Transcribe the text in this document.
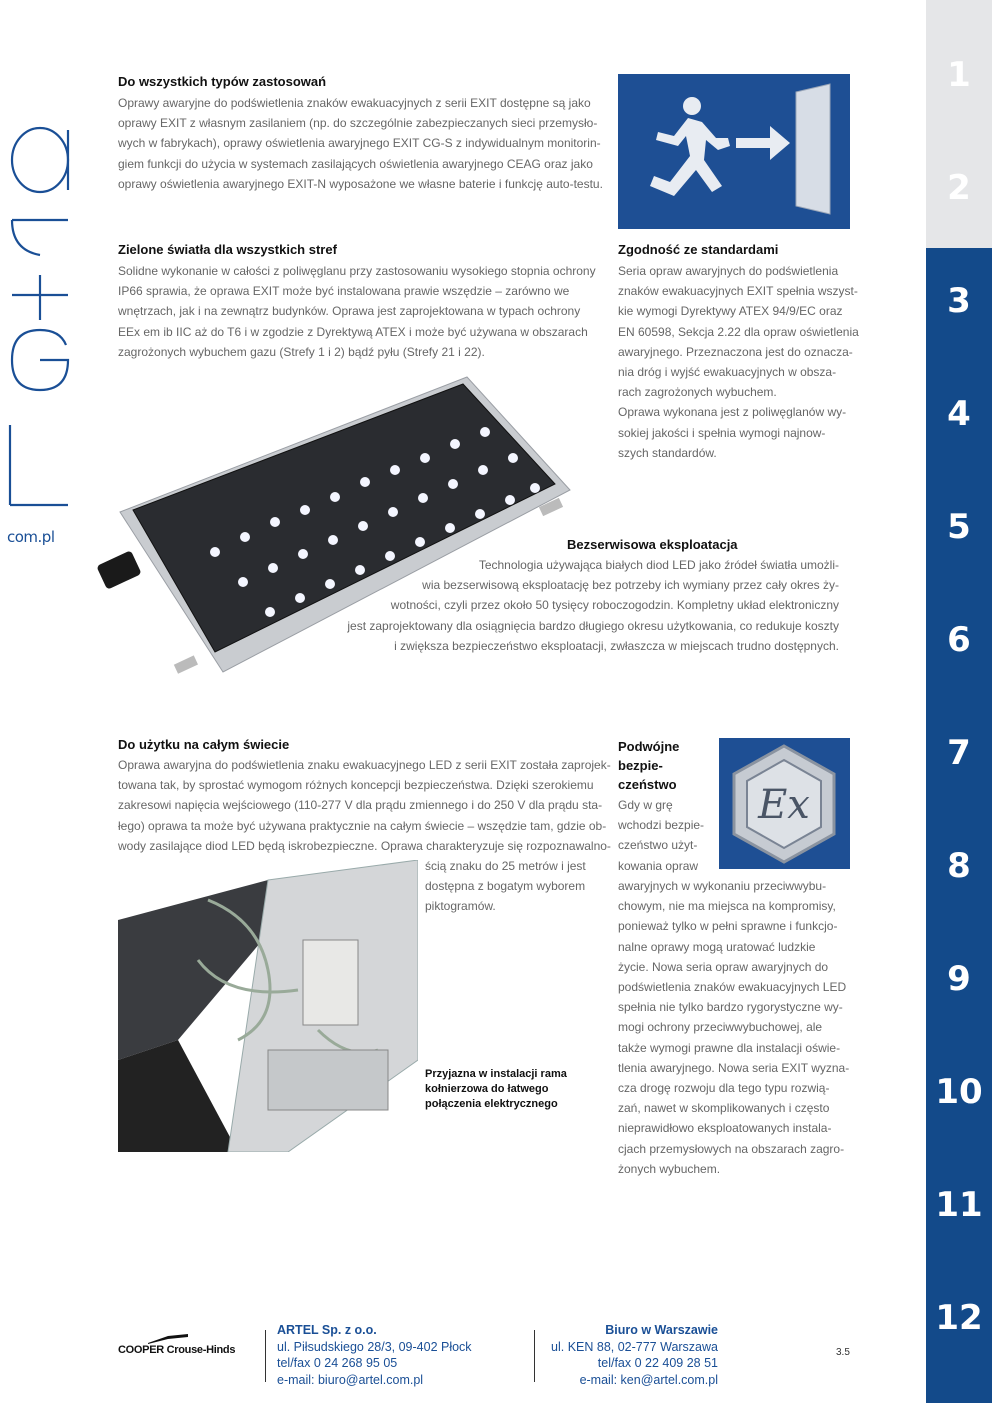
1
2
3
4
5
6
7
8
9
10
11
12
com.pl
Do wszystkich typów zastosowań
Oprawy awaryjne do podświetlenia znaków ewakuacyjnych z serii EXIT dostępne są jako
oprawy EXIT z własnym zasilaniem (np. do szczególnie zabezpieczanych sieci przemysło-
wych w fabrykach), oprawy oświetlenia awaryjnego EXIT CG-S z indywidualnym monitorin-
giem funkcji do użycia w systemach zasilających oświetlenia awaryjnego CEAG oraz jako
oprawy oświetlenia awaryjnego EXIT-N wyposażone we własne baterie i funkcję auto-testu.
Zielone światła dla wszystkich stref
Solidne wykonanie w całości z poliwęglanu przy zastosowaniu wysokiego stopnia ochrony
IP66 sprawia, że oprawa EXIT może być instalowana prawie wszędzie – zarówno we
wnętrzach, jak i na zewnątrz budynków. Oprawa jest zaprojektowana w typach ochrony
EEx em ib IIC aż do T6 i w zgodzie z Dyrektywą ATEX i może być używana w obszarach
zagrożonych wybuchem gazu (Strefy 1 i 2) bądź pyłu (Strefy 21 i 22).
Zgodność ze standardami
Seria opraw awaryjnych do podświetlenia
znaków ewakuacyjnych EXIT spełnia wszyst-
kie wymogi Dyrektywy ATEX 94/9/EC oraz
EN 60598, Sekcja 2.22 dla opraw oświetlenia
awaryjnego. Przeznaczona jest do oznacza-
nia dróg i wyjść ewakuacyjnych w obsza-
rach zagrożonych wybuchem.
Oprawa wykonana jest z poliwęglanów wy-
sokiej jakości i spełnia wymogi najnow-
szych standardów.
Bezserwisowa eksploatacja
Technologia używająca białych diod LED jako źródeł światła umożli-
wia bezserwisową eksploatację bez potrzeby ich wymiany przez cały okres ży-
wotności, czyli przez około 50 tysięcy roboczogodzin. Kompletny układ elektroniczny
jest zaprojektowany dla osiągnięcia bardzo długiego okresu użytkowania, co redukuje koszty
i zwiększa bezpieczeństwo eksploatacji, zwłaszcza w miejscach trudno dostępnych.
Do użytku na całym świecie
Oprawa awaryjna do podświetlenia znaku ewakuacyjnego LED z serii EXIT została zaprojek-
towana tak, by sprostać wymogom różnych koncepcji bezpieczeństwa. Dzięki szerokiemu
zakresowi napięcia wejściowego (110-277 V dla prądu zmiennego i do 250 V dla prądu sta-
łego) oprawa ta może być używana praktycznie na całym świecie – wszędzie tam, gdzie ob-
wody zasilające diod LED będą iskrobezpieczne. Oprawa charakteryzuje się rozpoznawalno-
ścią znaku do 25 metrów i jest
dostępna z bogatym wyborem
piktogramów.
Przyjazna w instalacji rama
kołnierzowa do łatwego
połączenia elektrycznego
Podwójne
bezpie-
czeństwo
Gdy w grę
wchodzi bezpie-
czeństwo użyt-
kowania opraw
Ex
awaryjnych w wykonaniu przeciwwybu-
chowym, nie ma miejsca na kompromisy,
ponieważ tylko w pełni sprawne i funkcjo-
nalne oprawy mogą uratować ludzkie
życie. Nowa seria opraw awaryjnych do
podświetlenia znaków ewakuacyjnych LED
spełnia nie tylko bardzo rygorystyczne wy-
mogi ochrony przeciwwybuchowej, ale
także wymogi prawne dla instalacji oświe-
tlenia awaryjnego. Nowa seria EXIT wyzna-
cza drogę rozwoju dla tego typu rozwią-
zań, nawet w skomplikowanych i często
nieprawidłowo eksploatowanych instala-
cjach przemysłowych na obszarach zagro-
żonych wybuchem.
COOPER Crouse-Hinds
ARTEL Sp. z o.o.
ul. Piłsudskiego 28/3, 09-402 Płock
tel/fax 0 24 268 95 05
e-mail: biuro@artel.com.pl
Biuro w Warszawie
ul. KEN 88, 02-777 Warszawa
tel/fax 0 22 409 28 51
e-mail: ken@artel.com.pl
3.5
